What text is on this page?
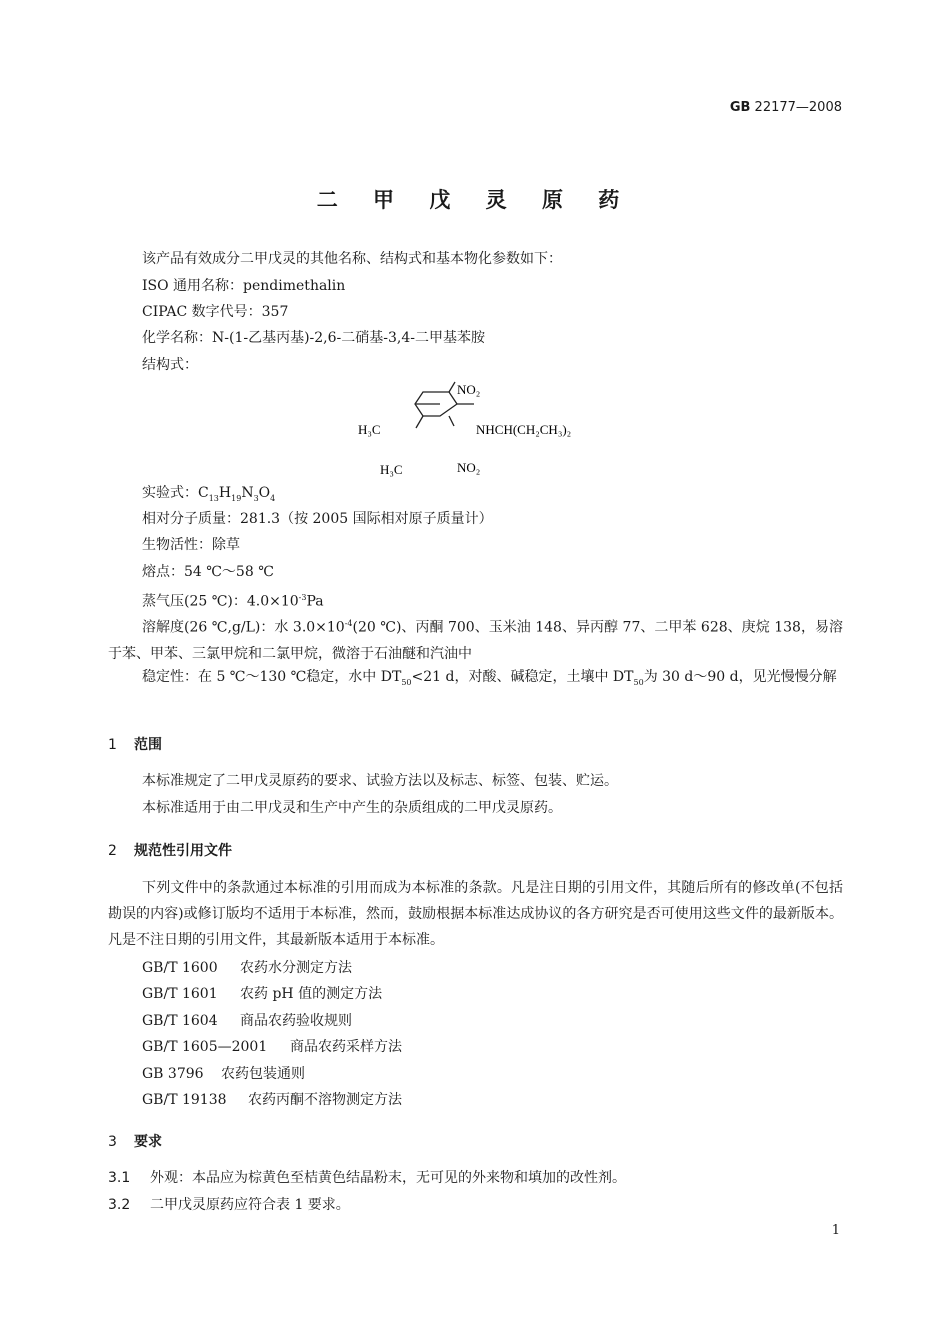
GB 22177—2008
二 甲 戊 灵 原 药
该产品有效成分二甲戊灵的其他名称、结构式和基本物化参数如下：
ISO 通用名称：pendimethalin
CIPAC 数字代号：357
化学名称：N-(1-乙基丙基)-2,6-二硝基-3,4-二甲基苯胺
结构式：
NO₂
NO₂
H₃C
H₃C
NHCH(CH₂CH₃)₂
实验式：$C_{13}H_{19}N_3O_4$
相对分子质量：281.3（按 2005 国际相对原子质量计）
生物活性：除草
熔点：54 ℃～58 ℃
蒸气压(25 ℃)：$4.0\times 10^{-3}Pa$
溶解度(26 ℃,g/L)：水 $3.0\times 10^{-4}(20$ ℃)、丙酮 700、玉米油 148、异丙醇 77、二甲苯 628、庚烷 138，易溶于苯、甲苯、三氯甲烷和二氯甲烷，微溶于石油醚和汽油中
稳定性：在 5 ℃～130 ℃稳定，水中 $DT_{50}<21$ d，对酸、碱稳定，土壤中 $DT_{50}$为 30 d～90 d，见光慢慢分解
1 范围
本标准规定了二甲戊灵原药的要求、试验方法以及标志、标签、包装、贮运。
本标准适用于由二甲戊灵和生产中产生的杂质组成的二甲戊灵原药。
2 规范性引用文件
下列文件中的条款通过本标准的引用而成为本标准的条款。凡是注日期的引用文件，其随后所有的修改单(不包括勘误的内容)或修订版均不适用于本标准，然而，鼓励根据本标准达成协议的各方研究是否可使用这些文件的最新版本。凡是不注日期的引用文件，其最新版本适用于本标准。
GB/T 1600 农药水分测定方法
GB/T 1601 农药 pH 值的测定方法
GB/T 1604 商品农药验收规则
GB/T 1605—2001 商品农药采样方法
GB 3796 农药包装通则
GB/T 19138 农药丙酮不溶物测定方法
3 要求
3.1 外观：本品应为棕黄色至桔黄色结晶粉末，无可见的外来物和填加的改性剂。
3.2 二甲戊灵原药应符合表 1 要求。
1
